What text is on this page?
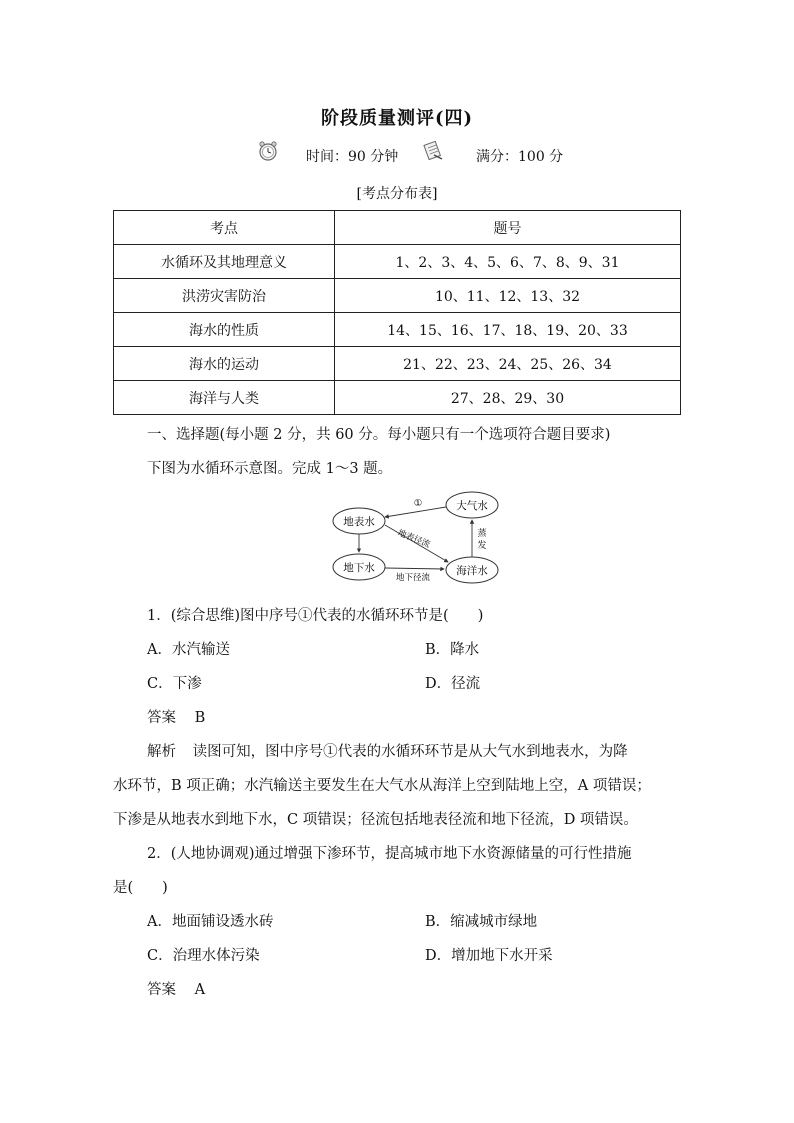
阶段质量测评(四)
时间：90 分钟	满分：100 分
[考点分布表]
考点	题号
水循环及其地理意义	1、2、3、4、5、6、7、8、9、31
洪涝灾害防治	10、11、12、13、32
海水的性质	14、15、16、17、18、19、20、33
海水的运动	21、22、23、24、25、26、34
海洋与人类	27、28、29、30
一、选择题(每小题 2 分，共 60 分。每小题只有一个选项符合题目要求)
下图为水循环示意图。完成 1～3 题。
地表水
大气水
地下水	海洋水
①
地表径流
地下径流
蒸
发
1．(综合思维)图中序号①代表的水循环环节是(　　)
A．水汽输送	B．降水
C．下渗	D．径流
答案 B
解析 读图可知，图中序号①代表的水循环环节是从大气水到地表水，为降
水环节，B 项正确；水汽输送主要发生在大气水从海洋上空到陆地上空，A 项错误；
下渗是从地表水到地下水，C 项错误；径流包括地表径流和地下径流，D 项错误。
2．(人地协调观)通过增强下渗环节，提高城市地下水资源储量的可行性措施
是(　　)
A．地面铺设透水砖	B．缩减城市绿地
C．治理水体污染	D．增加地下水开采
答案 A
